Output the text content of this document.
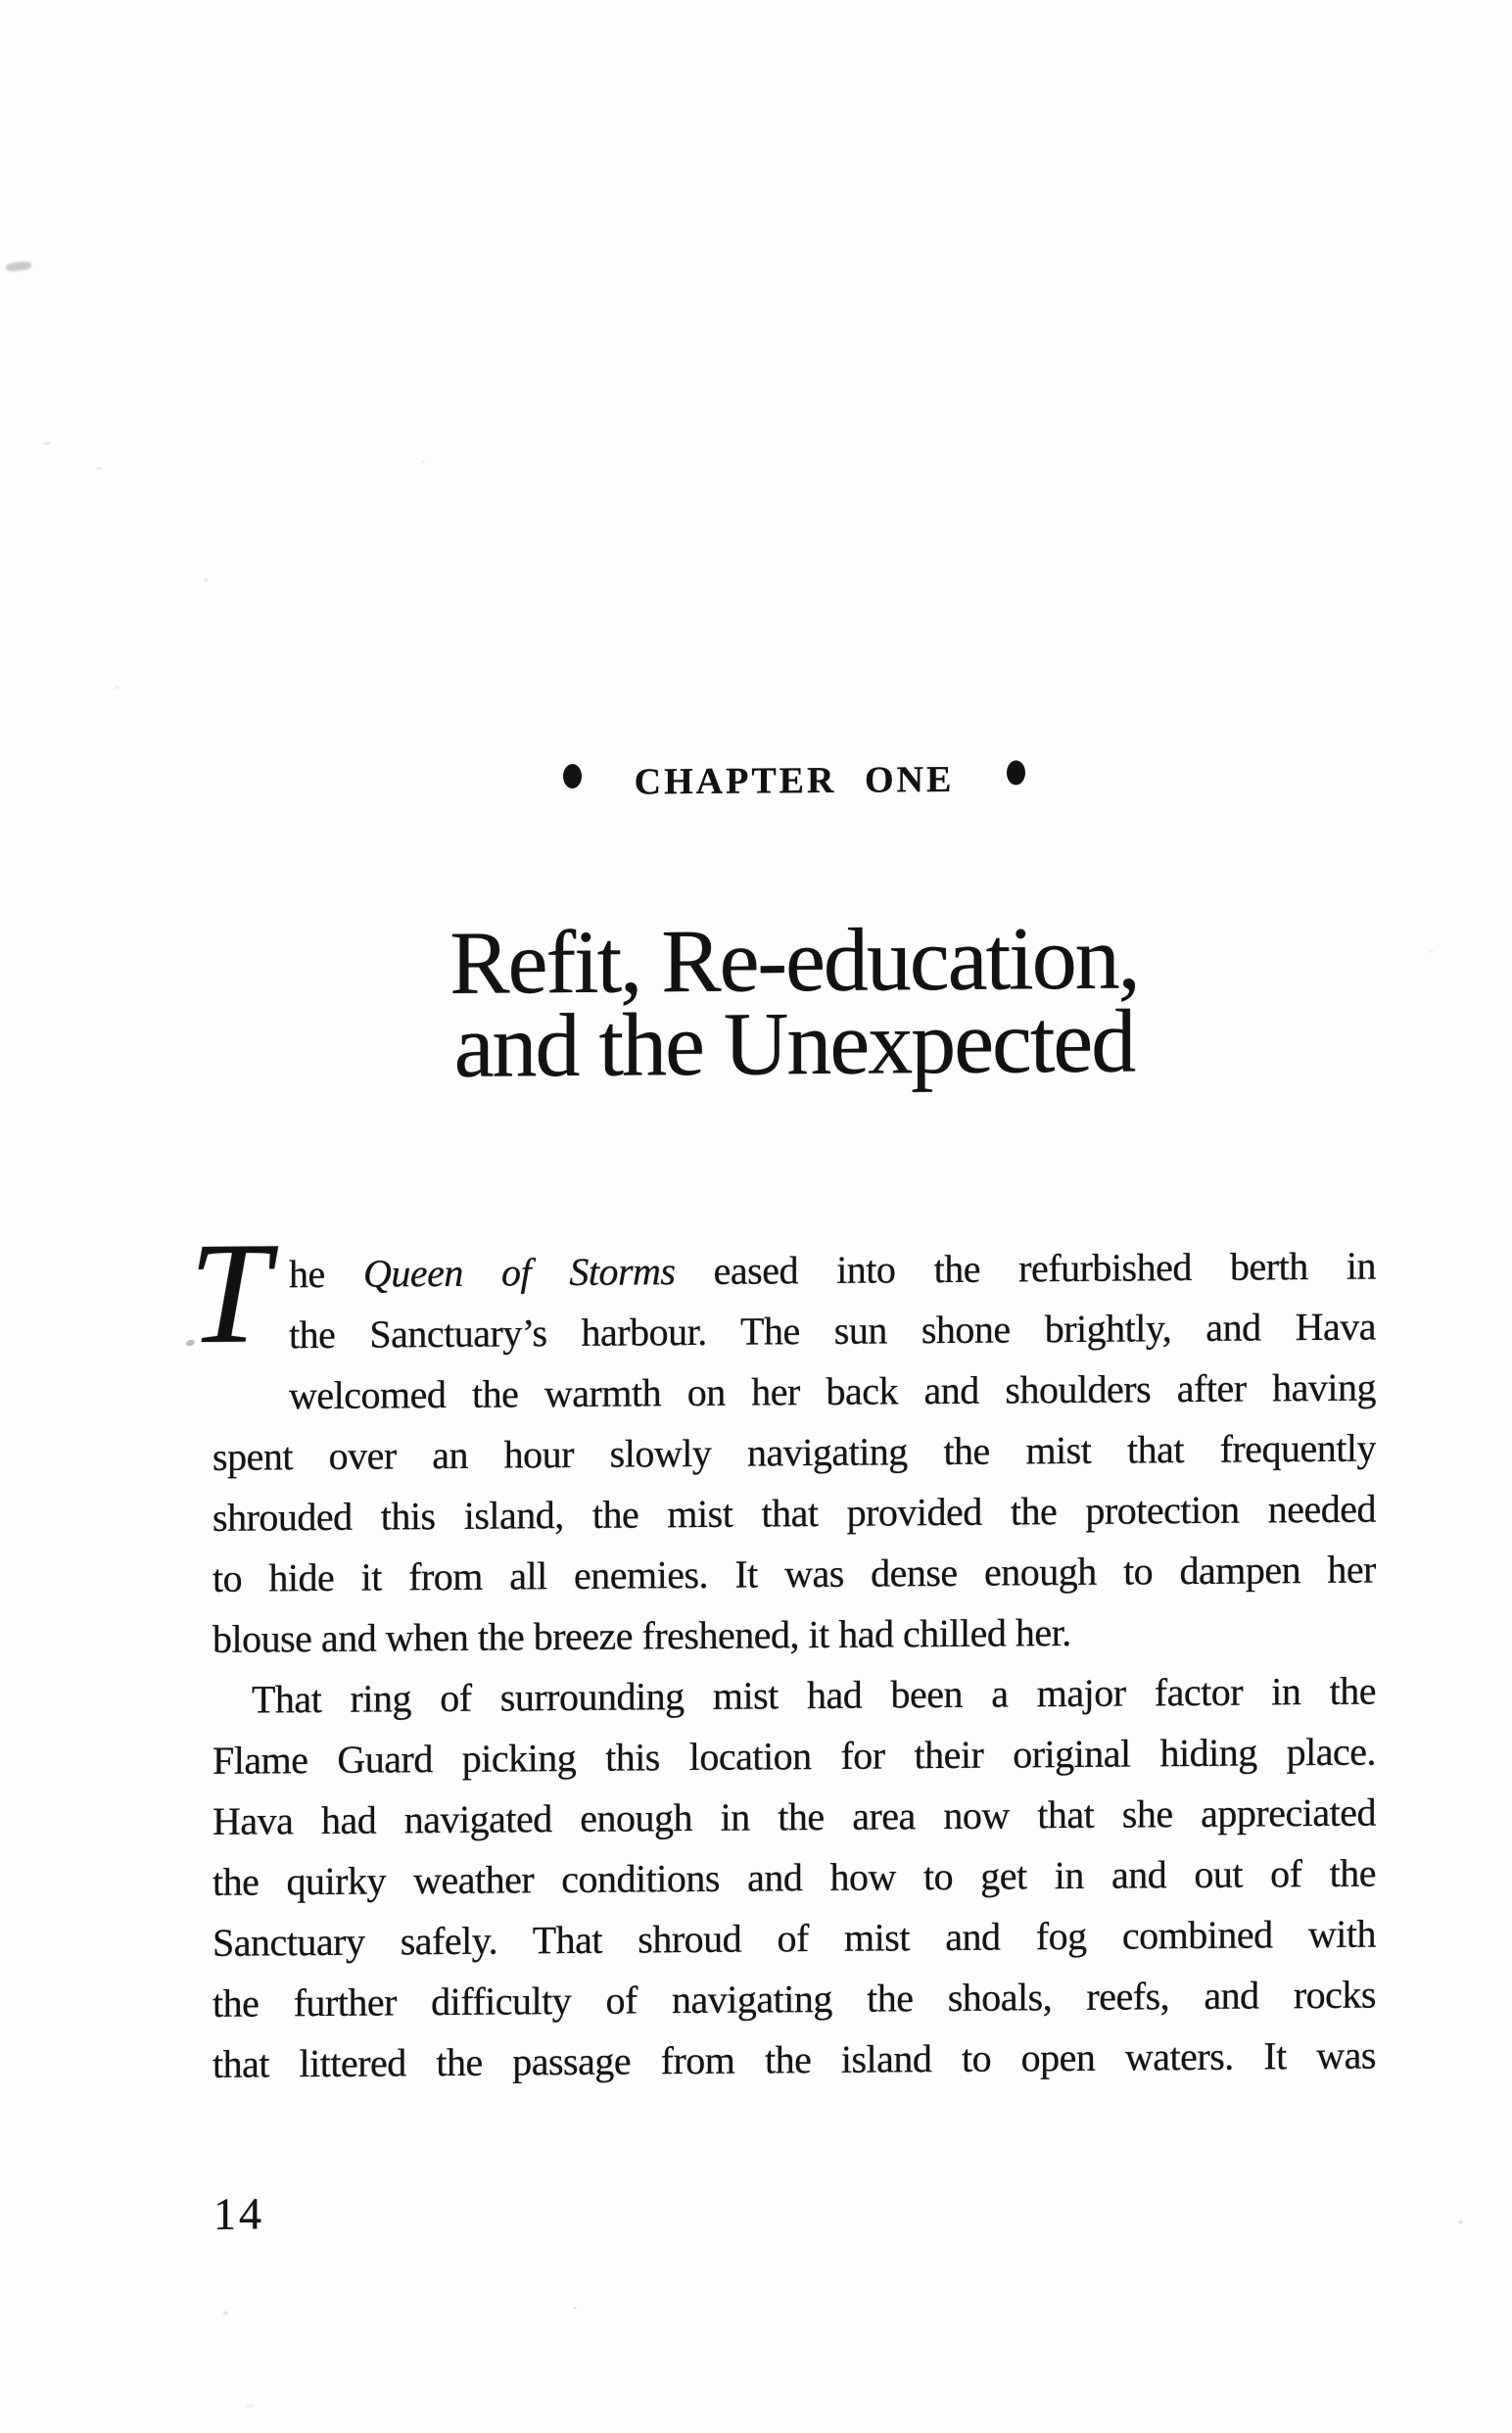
CHAPTER ONE
Refit, Re-education,
and the Unexpected
T he Queen of Storms eased into the refurbished berth in
the Sanctuary’s harbour. The sun shone brightly, and Hava
welcomed the warmth on her back and shoulders after having
spent over an hour slowly navigating the mist that frequently
shrouded this island, the mist that provided the protection needed
to hide it from all enemies. It was dense enough to dampen her
blouse and when the breeze freshened, it had chilled her.
That ring of surrounding mist had been a major factor in the
Flame Guard picking this location for their original hiding place.
Hava had navigated enough in the area now that she appreciated
the quirky weather conditions and how to get in and out of the
Sanctuary safely. That shroud of mist and fog combined with
the further difficulty of navigating the shoals, reefs, and rocks
that littered the passage from the island to open waters. It was
14
